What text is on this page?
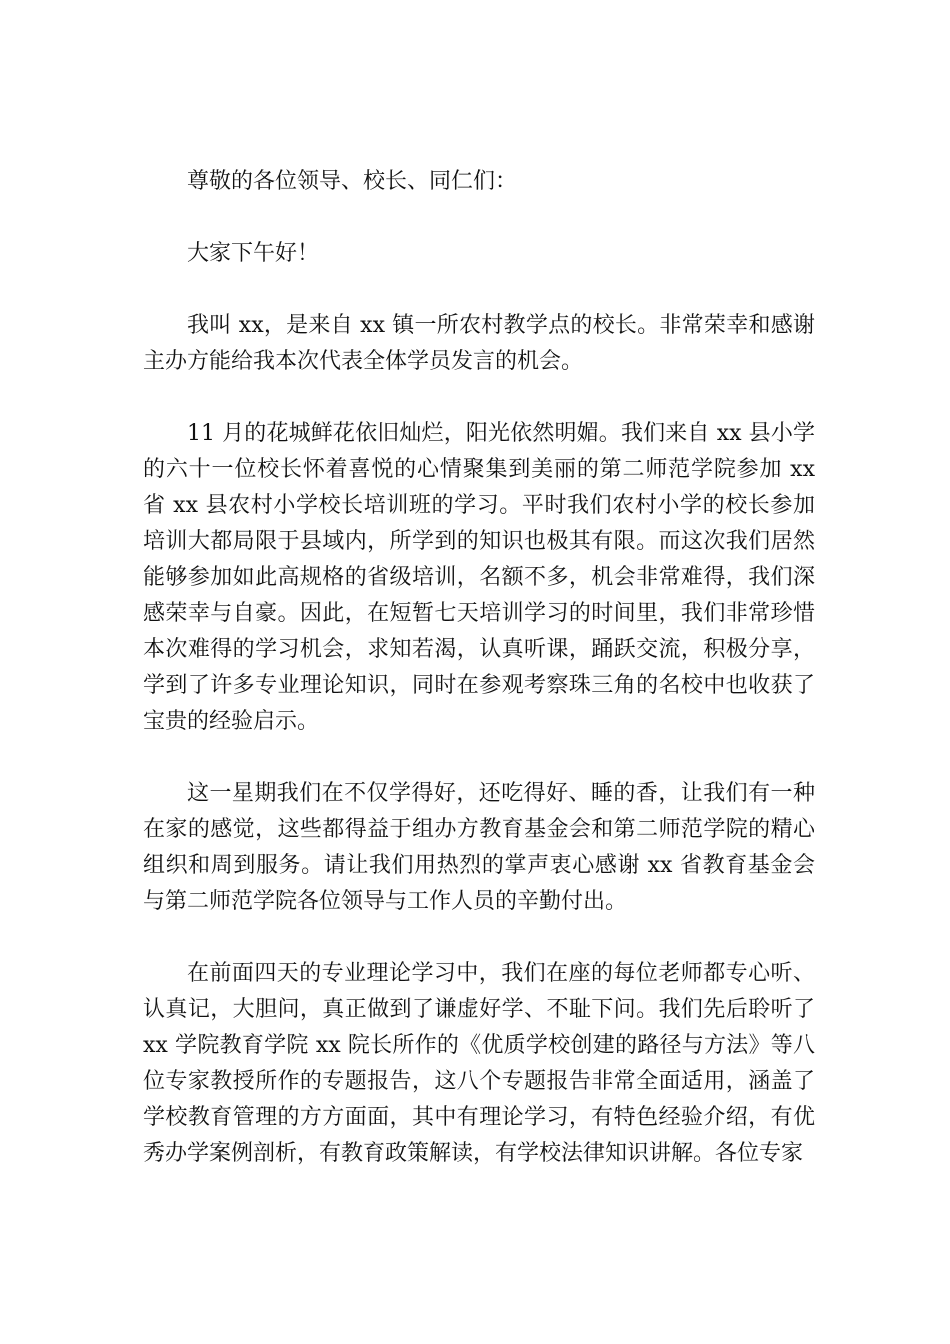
尊敬的各位领导、校长、同仁们：

大家下午好！

我叫 xx，是来自 xx 镇一所农村教学点的校长。非常荣幸和感谢主办方能给我本次代表全体学员发言的机会。

11 月的花城鲜花依旧灿烂，阳光依然明媚。我们来自 xx 县小学的六十一位校长怀着喜悦的心情聚集到美丽的第二师范学院参加 xx 省 xx 县农村小学校长培训班的学习。平时我们农村小学的校长参加培训大都局限于县域内，所学到的知识也极其有限。而这次我们居然能够参加如此高规格的省级培训，名额不多，机会非常难得，我们深感荣幸与自豪。因此，在短暂七天培训学习的时间里，我们非常珍惜本次难得的学习机会，求知若渴，认真听课，踊跃交流，积极分享，学到了许多专业理论知识，同时在参观考察珠三角的名校中也收获了宝贵的经验启示。

这一星期我们在不仅学得好，还吃得好、睡的香，让我们有一种在家的感觉，这些都得益于组办方教育基金会和第二师范学院的精心组织和周到服务。请让我们用热烈的掌声衷心感谢 xx 省教育基金会与第二师范学院各位领导与工作人员的辛勤付出。

在前面四天的专业理论学习中，我们在座的每位老师都专心听、认真记，大胆问，真正做到了谦虚好学、不耻下问。我们先后聆听了 xx 学院教育学院 xx 院长所作的《优质学校创建的路径与方法》等八位专家教授所作的专题报告，这八个专题报告非常全面适用，涵盖了学校教育管理的方方面面，其中有理论学习，有特色经验介绍，有优秀办学案例剖析，有教育政策解读，有学校法律知识讲解。各位专家
